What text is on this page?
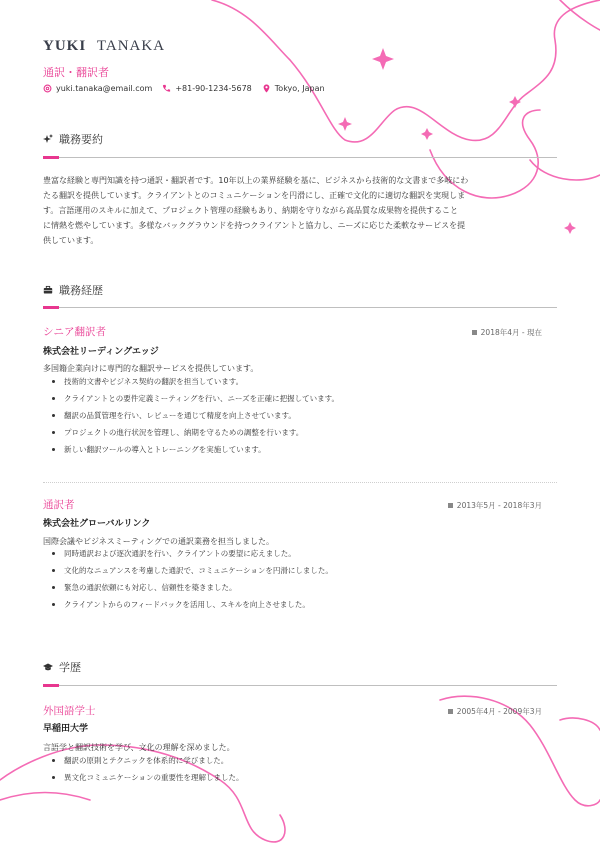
YUKI TANAKA
通訳・翻訳者
yuki.tanaka@email.com	+81-90-1234-5678	Tokyo, Japan
職務要約
豊富な経験と専門知識を持つ通訳・翻訳者です。10年以上の業界経験を基に、ビジネスから技術的な文書まで多岐にわ
たる翻訳を提供しています。クライアントとのコミュニケーションを円滑にし、正確で文化的に適切な翻訳を実現しま
す。言語運用のスキルに加えて、プロジェクト管理の経験もあり、納期を守りながら高品質な成果物を提供すること
に情熱を燃やしています。多様なバックグラウンドを持つクライアントと協力し、ニーズに応じた柔軟なサービスを提
供しています。
職務経歴
シニア翻訳者	2018年4月 - 現在
株式会社リーディングエッジ
多国籍企業向けに専門的な翻訳サービスを提供しています。
技術的文書やビジネス契約の翻訳を担当しています。
クライアントとの要件定義ミーティングを行い、ニーズを正確に把握しています。
翻訳の品質管理を行い、レビューを通じて精度を向上させています。
プロジェクトの進行状況を管理し、納期を守るための調整を行います。
新しい翻訳ツールの導入とトレーニングを実施しています。
通訳者	2013年5月 - 2018年3月
株式会社グローバルリンク
国際会議やビジネスミーティングでの通訳業務を担当しました。
同時通訳および逐次通訳を行い、クライアントの要望に応えました。
文化的なニュアンスを考慮した通訳で、コミュニケーションを円滑にしました。
緊急の通訳依頼にも対応し、信頼性を築きました。
クライアントからのフィードバックを活用し、スキルを向上させました。
学歴
外国語学士	2005年4月 - 2009年3月
早稲田大学
言語学と翻訳技術を学び、文化の理解を深めました。
翻訳の原則とテクニックを体系的に学びました。
異文化コミュニケーションの重要性を理解しました。
